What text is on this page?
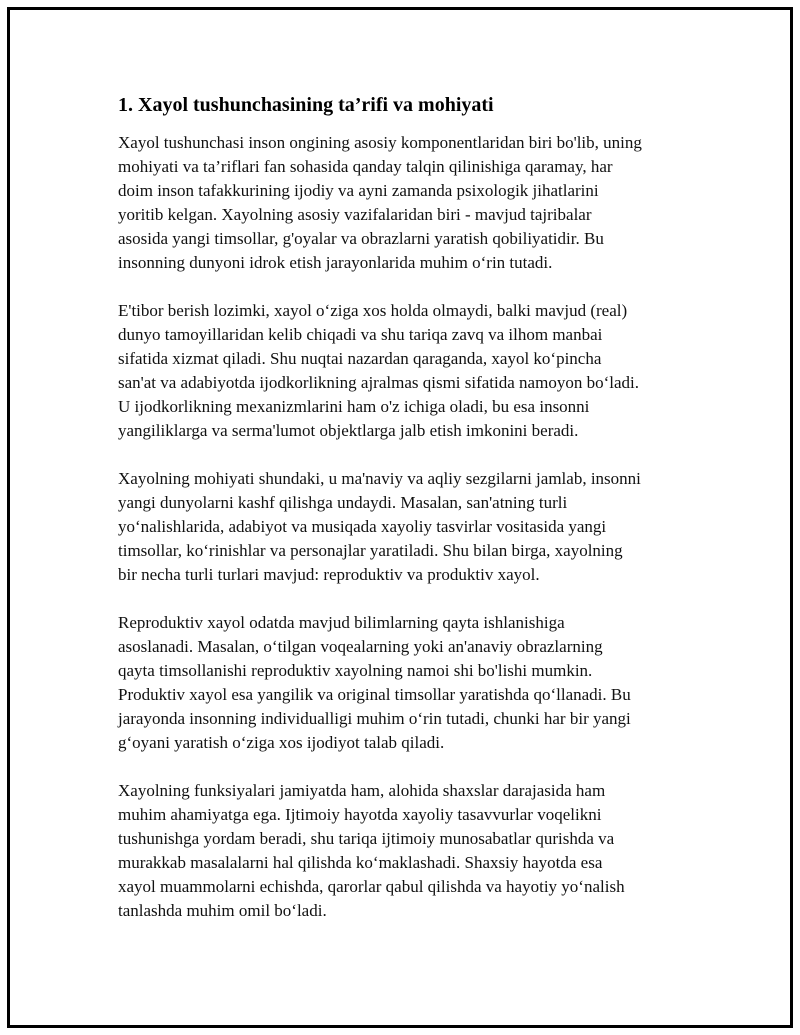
1. Xayol tushunchasining ta’rifi va mohiyati

Xayol tushunchasi inson ongining asosiy komponentlaridan biri bo'lib, uning
mohiyati va ta’riflari fan sohasida qanday talqin qilinishiga qaramay, har
doim inson tafakkurining ijodiy va ayni zamanda psixologik jihatlarini
yoritib kelgan. Xayolning asosiy vazifalaridan biri - mavjud tajribalar
asosida yangi timsollar, g'oyalar va obrazlarni yaratish qobiliyatidir. Bu
insonning dunyoni idrok etish jarayonlarida muhim o‘rin tutadi.

E'tibor berish lozimki, xayol o‘ziga xos holda olmaydi, balki mavjud (real)
dunyo tamoyillaridan kelib chiqadi va shu tariqa zavq va ilhom manbai
sifatida xizmat qiladi. Shu nuqtai nazardan qaraganda, xayol ko‘pincha
san'at va adabiyotda ijodkorlikning ajralmas qismi sifatida namoyon bo‘ladi.
U ijodkorlikning mexanizmlarini ham o'z ichiga oladi, bu esa insonni
yangiliklarga va serma'lumot objektlarga jalb etish imkonini beradi.

Xayolning mohiyati shundaki, u ma'naviy va aqliy sezgilarni jamlab, insonni
yangi dunyolarni kashf qilishga undaydi. Masalan, san'atning turli
yo‘nalishlarida, adabiyot va musiqada xayoliy tasvirlar vositasida yangi
timsollar, ko‘rinishlar va personajlar yaratiladi. Shu bilan birga, xayolning
bir necha turli turlari mavjud: reproduktiv va produktiv xayol.

Reproduktiv xayol odatda mavjud bilimlarning qayta ishlanishiga
asoslanadi. Masalan, o‘tilgan voqealarning yoki an'anaviy obrazlarning
qayta timsollanishi reproduktiv xayolning namoi shi bo'lishi mumkin.
Produktiv xayol esa yangilik va original timsollar yaratishda qo‘llanadi. Bu
jarayonda insonning individualligi muhim o‘rin tutadi, chunki har bir yangi
g‘oyani yaratish o‘ziga xos ijodiyot talab qiladi.

Xayolning funksiyalari jamiyatda ham, alohida shaxslar darajasida ham
muhim ahamiyatga ega. Ijtimoiy hayotda xayoliy tasavvurlar voqelikni
tushunishga yordam beradi, shu tariqa ijtimoiy munosabatlar qurishda va
murakkab masalalarni hal qilishda ko‘maklashadi. Shaxsiy hayotda esa
xayol muammolarni echishda, qarorlar qabul qilishda va hayotiy yo‘nalish
tanlashda muhim omil bo‘ladi.
